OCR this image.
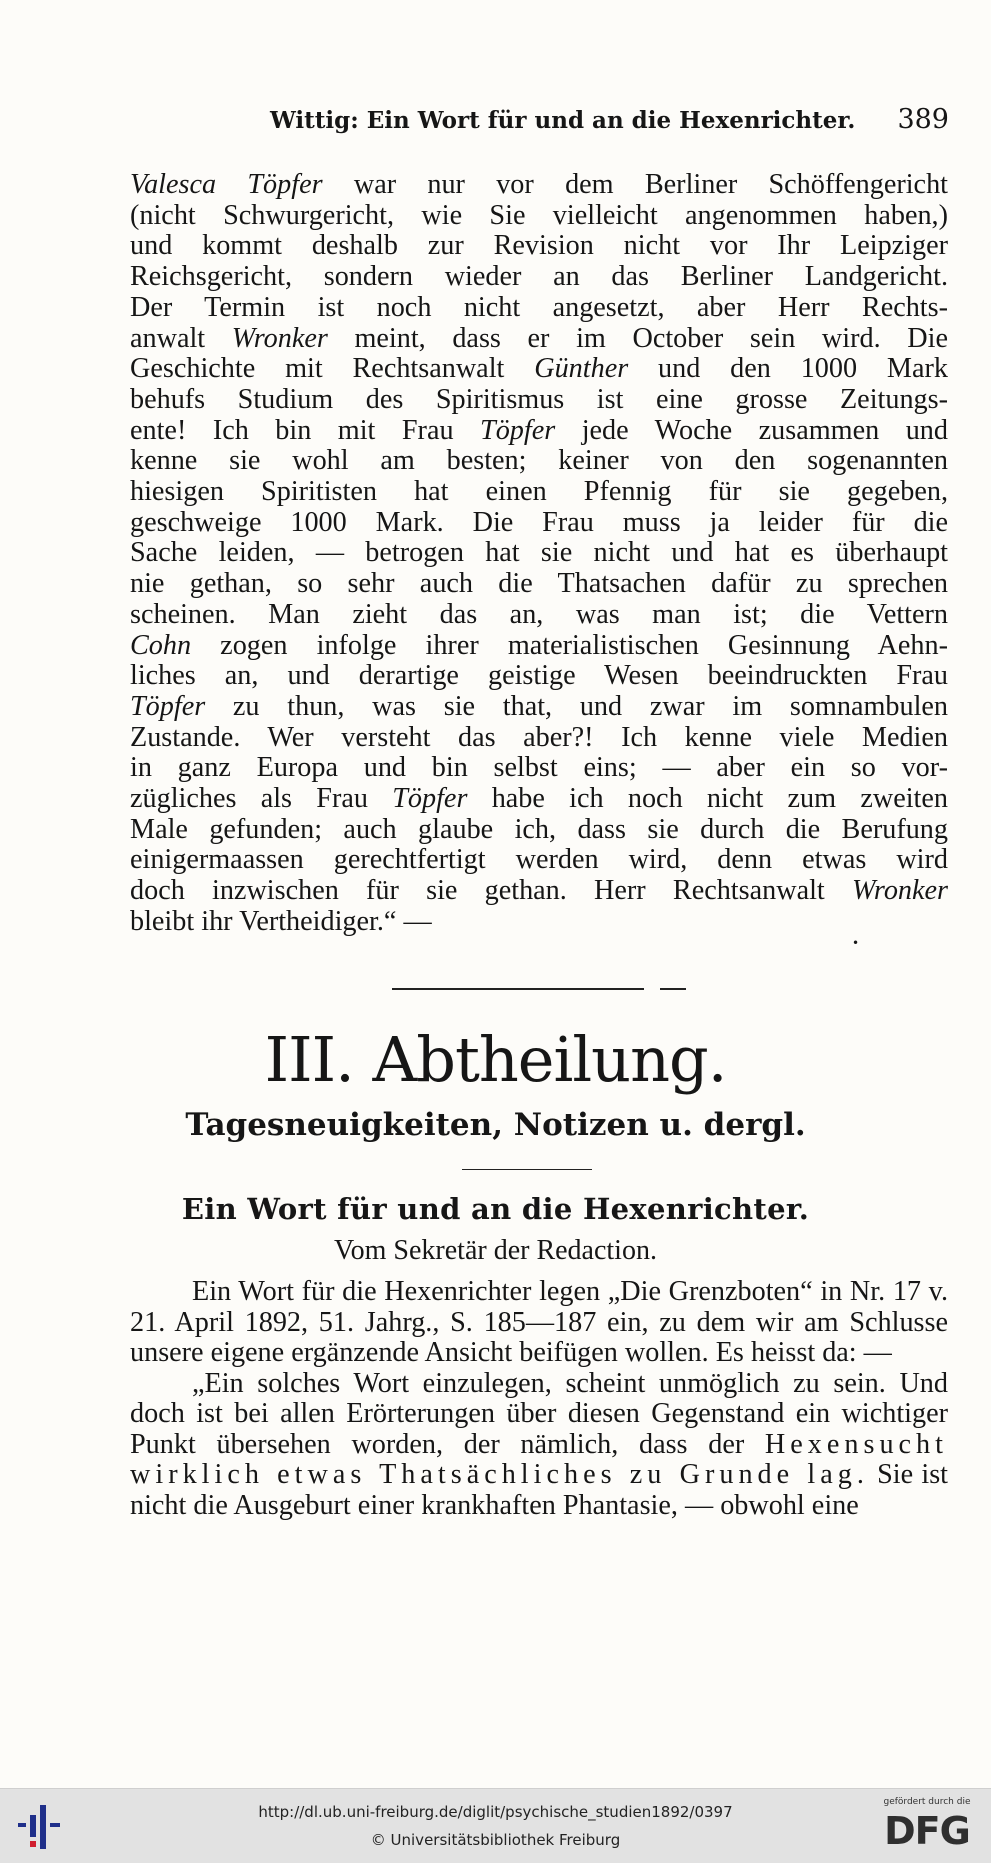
Wittig: Ein Wort für und an die Hexenrichter. 389
Valesca Töpfer war nur vor dem Berliner Schöffengericht
(nicht Schwurgericht, wie Sie vielleicht angenommen haben,)
und kommt deshalb zur Revision nicht vor Ihr Leipziger
Reichsgericht, sondern wieder an das Berliner Landgericht.
Der Termin ist noch nicht angesetzt, aber Herr Rechts-
anwalt Wronker meint, dass er im October sein wird. Die
Geschichte mit Rechtsanwalt Günther und den 1000 Mark
behufs Studium des Spiritismus ist eine grosse Zeitungs-
ente! Ich bin mit Frau Töpfer jede Woche zusammen und
kenne sie wohl am besten; keiner von den sogenannten
hiesigen Spiritisten hat einen Pfennig für sie gegeben,
geschweige 1000 Mark. Die Frau muss ja leider für die
Sache leiden, — betrogen hat sie nicht und hat es überhaupt
nie gethan, so sehr auch die Thatsachen dafür zu sprechen
scheinen. Man zieht das an, was man ist; die Vettern
Cohn zogen infolge ihrer materialistischen Gesinnung Aehn-
liches an, und derartige geistige Wesen beeindruckten Frau
Töpfer zu thun, was sie that, und zwar im somnambulen
Zustande. Wer versteht das aber?! Ich kenne viele Medien
in ganz Europa und bin selbst eins; — aber ein so vor-
zügliches als Frau Töpfer habe ich noch nicht zum zweiten
Male gefunden; auch glaube ich, dass sie durch die Berufung
einigermaassen gerechtfertigt werden wird, denn etwas wird
doch inzwischen für sie gethan. Herr Rechtsanwalt Wronker
bleibt ihr Vertheidiger.“ —
•
III. Abtheilung.
Tagesneuigkeiten, Notizen u. dergl.
Ein Wort für und an die Hexenrichter.
Vom Sekretär der Redaction.

Ein Wort für die Hexenrichter legen „Die Grenzboten“ in Nr. 17 v. 21. April 1892, 51. Jahrg., S. 185—187 ein, zu dem wir am Schlusse unsere eigene ergänzende Ansicht beifügen wollen. Es heisst da: —

„Ein solches Wort einzulegen, scheint unmöglich zu sein. Und doch ist bei allen Erörterungen über diesen Gegenstand ein wichtiger Punkt übersehen worden, der nämlich, dass der Hexensucht wirklich etwas Thatsächliches zu Grunde lag. Sie ist nicht die Ausgeburt einer krankhaften Phantasie, — obwohl eine

http://dl.ub.uni-freiburg.de/diglit/psychische_studien1892/0397
© Universitätsbibliothek Freiburg
gefördert durch die
DFG
